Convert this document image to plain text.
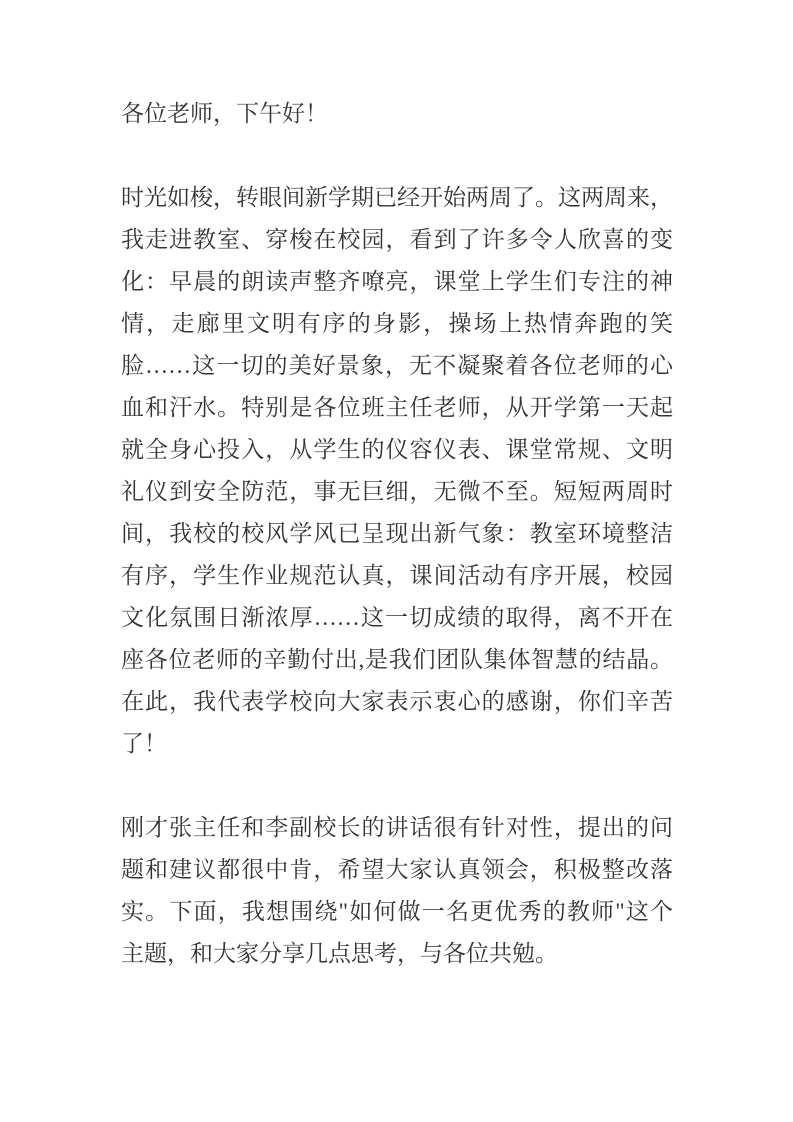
各位老师，下午好！
时光如梭，转眼间新学期已经开始两周了。这两周来，
我走进教室、穿梭在校园，看到了许多令人欣喜的变
化：早晨的朗读声整齐嘹亮，课堂上学生们专注的神
情，走廊里文明有序的身影，操场上热情奔跑的笑
脸……这一切的美好景象，无不凝聚着各位老师的心
血和汗水。特别是各位班主任老师，从开学第一天起
就全身心投入，从学生的仪容仪表、课堂常规、文明
礼仪到安全防范，事无巨细，无微不至。短短两周时
间，我校的校风学风已呈现出新气象：教室环境整洁
有序，学生作业规范认真，课间活动有序开展，校园
文化氛围日渐浓厚……这一切成绩的取得，离不开在
座各位老师的辛勤付出,是我们团队集体智慧的结晶。
在此，我代表学校向大家表示衷心的感谢，你们辛苦
了！
刚才张主任和李副校长的讲话很有针对性，提出的问
题和建议都很中肯，希望大家认真领会，积极整改落
实。下面，我想围绕"如何做一名更优秀的教师"这个
主题，和大家分享几点思考，与各位共勉。
